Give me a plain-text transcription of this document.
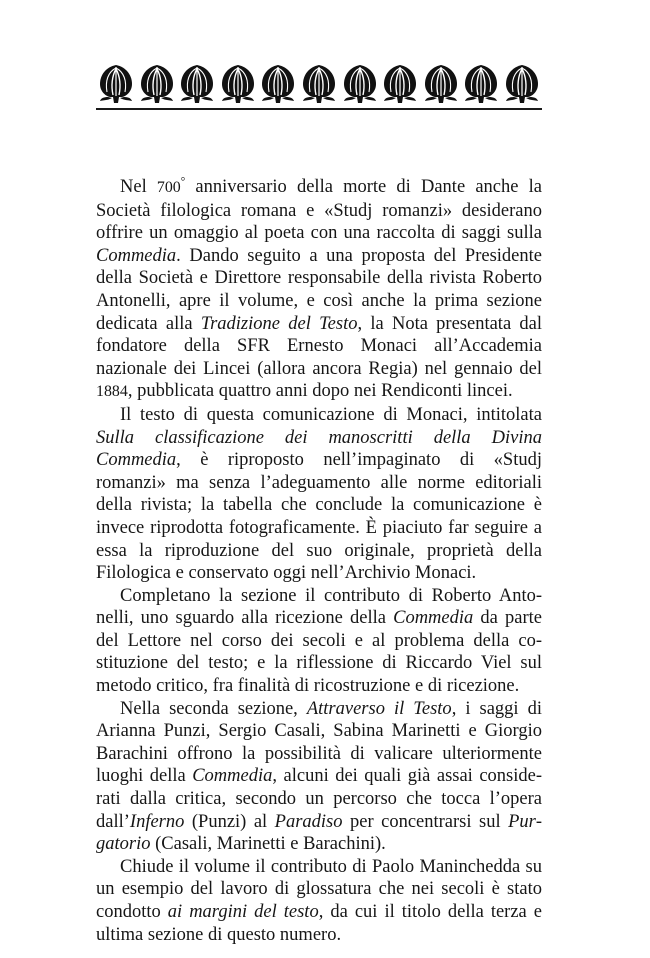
Nel 700° anniversario della morte di Dante anche la Società filologica romana e «Studj romanzi» desiderano offrire un omaggio al poeta con una raccolta di saggi sulla Commedia. Dando seguito a una proposta del Presidente della Società e Direttore responsabile della rivista Roberto Antonelli, apre il volume, e così anche la prima sezione dedicata alla Tradizione del Testo, la Nota presentata dal fondatore della SFR Ernesto Monaci all’Accademia nazionale dei Lincei (allora ancora Regia) nel gennaio del 1884, pubblicata quattro anni dopo nei Rendiconti lincei.

Il testo di questa comunicazione di Monaci, intitolata Sulla classificazione dei manoscritti della Divina Commedia, è riproposto nell’impaginato di «Studj romanzi» ma senza l’adeguamento alle norme editoriali della rivista; la tabella che conclude la comunicazione è invece riprodotta fotograficamente. È piaciuto far seguire a essa la riproduzione del suo originale, proprietà della Filologica e conservato oggi nell’Archivio Monaci.

Completano la sezione il contributo di Roberto Antonelli, uno sguardo alla ricezione della Commedia da parte del Lettore nel corso dei secoli e al problema della costituzione del testo; e la riflessione di Riccardo Viel sul metodo critico, fra finalità di ricostruzione e di ricezione.

Nella seconda sezione, Attraverso il Testo, i saggi di Arianna Punzi, Sergio Casali, Sabina Marinetti e Giorgio Barachini offrono la possibilità di valicare ulteriormente luoghi della Commedia, alcuni dei quali già assai considerati dalla critica, secondo un percorso che tocca l’opera dall’Inferno (Punzi) al Paradiso per concentrarsi sul Purgatorio (Casali, Marinetti e Barachini).

Chiude il volume il contributo di Paolo Maninchedda su un esempio del lavoro di glossatura che nei secoli è stato condotto ai margini del testo, da cui il titolo della terza e ultima sezione di questo numero.
